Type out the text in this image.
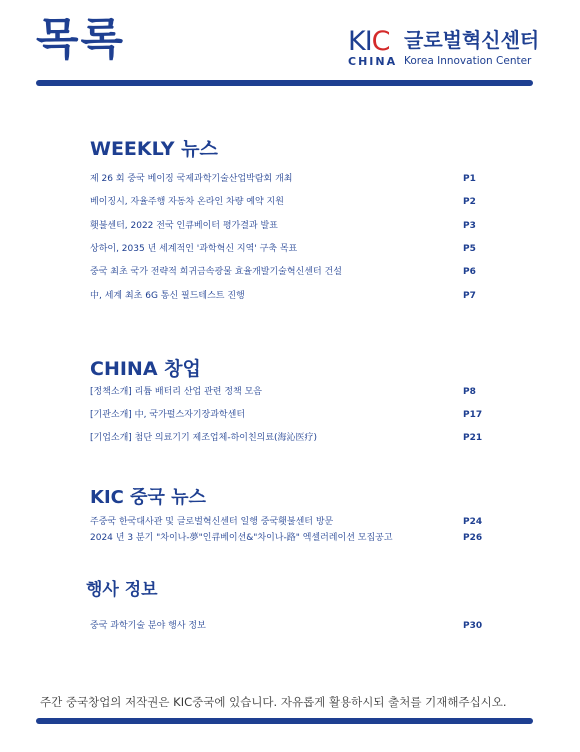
목록	KIC 글로벌혁신센터
CHINA Korea Innovation Center
WEEKLY 뉴스
제 26 회 중국 베이징 국제과학기술산업박람회 개최	P1
베이징시, 자율주행 자동차 온라인 차량 예약 지원	P2
횃불센터, 2022 전국 인큐베이터 평가결과 발표	P3
상하이, 2035 년 세계적인 '과학혁신 지역' 구축 목표	P5
중국 최초 국가 전략적 희귀금속광물 효율개발기술혁신센터 건설	P6
中, 세계 최초 6G 통신 필드테스트 진행	P7
CHINA 창업
[정책소개] 리튬 배터리 산업 관련 정책 모음	P8
[기관소개] 中, 국가펄스자기장과학센터	P17
[기업소개] 첨단 의료기기 제조업체-하이친의료(海沁医疗)	P21
KIC 중국 뉴스
주중국 한국대사관 및 글로벌혁신센터 일행 중국횃불센터 방문	P24
2024 년 3 분기 "차이나-夢"인큐베이션&"차이나-路" 엑셀러레이션 모집공고	P26
행사 정보
중국 과학기술 분야 행사 정보	P30
주간 중국창업의 저작권은 KIC중국에 있습니다. 자유롭게 활용하시되 출처를 기재해주십시오.
